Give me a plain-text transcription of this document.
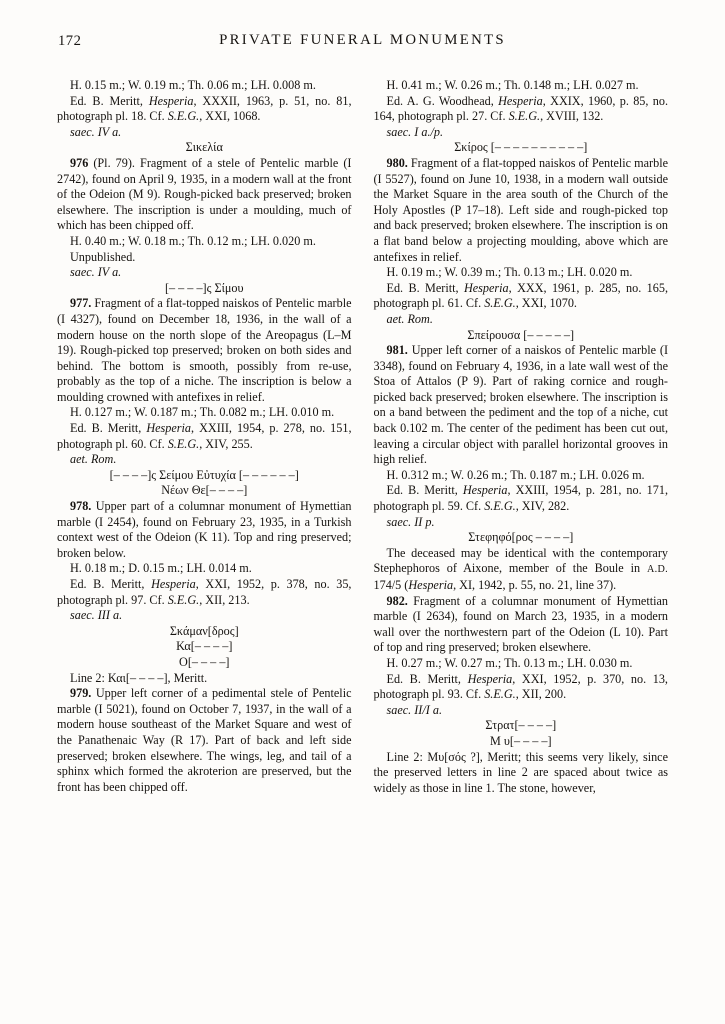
172	PRIVATE FUNERAL MONUMENTS

H. 0.15 m.; W. 0.19 m.; Th. 0.06 m.; LH. 0.008 m.

Ed. B. Meritt, Hesperia, XXXII, 1963, p. 51, no. 81, photograph pl. 18. Cf. S.E.G., XXI, 1068.

saec. IV a.

Σικελία

976 (Pl. 79). Fragment of a stele of Pentelic marble (I 2742), found on April 9, 1935, in a modern wall at the front of the Odeion (M 9). Rough-picked back preserved; broken elsewhere. The inscription is under a moulding, much of which has been chipped off.

H. 0.40 m.; W. 0.18 m.; Th. 0.12 m.; LH. 0.020 m.

Unpublished.

saec. IV a.

[– – – –]ς Σίμου

977. Fragment of a flat-topped naiskos of Pentelic marble (I 4327), found on December 18, 1936, in the wall of a modern house on the north slope of the Areopagus (L–M 19). Rough-picked top preserved; broken on both sides and behind. The bottom is smooth, possibly from re-use, probably as the top of a niche. The inscription is below a moulding crowned with antefixes in relief.

H. 0.127 m.; W. 0.187 m.; Th. 0.082 m.; LH. 0.010 m.

Ed. B. Meritt, Hesperia, XXIII, 1954, p. 278, no. 151, photograph pl. 60. Cf. S.E.G., XIV, 255.

aet. Rom.

[– – – –]ς Σείμου Εὐτυχία [– – – – – –]

Νέων Θε[– – – –]

978. Upper part of a columnar monument of Hymettian marble (I 2454), found on February 23, 1935, in a Turkish context west of the Odeion (K 11). Top and ring preserved; broken below.

H. 0.18 m.; D. 0.15 m.; LH. 0.014 m.

Ed. B. Meritt, Hesperia, XXI, 1952, p. 378, no. 35, photograph pl. 97. Cf. S.E.G., XII, 213.

saec. III a.

Σκάμαν[δρος]

Κα[– – – –]

Ο[– – – –]

Line 2: Και[– – – –], Meritt.

979. Upper left corner of a pedimental stele of Pentelic marble (I 5021), found on October 7, 1937, in the wall of a modern house southeast of the Market Square and west of the Panathenaic Way (R 17). Part of back and left side preserved; broken elsewhere. The wings, leg, and tail of a sphinx which formed the akroterion are preserved, but the front has been chipped off.

H. 0.41 m.; W. 0.26 m.; Th. 0.148 m.; LH. 0.027 m.

Ed. A. G. Woodhead, Hesperia, XXIX, 1960, p. 85, no. 164, photograph pl. 27. Cf. S.E.G., XVIII, 132.

saec. I a./p.

Σκίρος [– – – – – – – – – –]

980. Fragment of a flat-topped naiskos of Pentelic marble (I 5527), found on June 10, 1938, in a modern wall outside the Market Square in the area south of the Church of the Holy Apostles (P 17–18). Left side and rough-picked top and back preserved; broken elsewhere. The inscription is on a flat band below a projecting moulding, above which are antefixes in relief.

H. 0.19 m.; W. 0.39 m.; Th. 0.13 m.; LH. 0.020 m.

Ed. B. Meritt, Hesperia, XXX, 1961, p. 285, no. 165, photograph pl. 61. Cf. S.E.G., XXI, 1070.

aet. Rom.

Σπείρουσα [– – – – –]

981. Upper left corner of a naiskos of Pentelic marble (I 3348), found on February 4, 1936, in a late wall west of the Stoa of Attalos (P 9). Part of raking cornice and rough-picked back preserved; broken elsewhere. The inscription is on a band between the pediment and the top of a niche, cut back 0.102 m. The center of the pediment has been cut out, leaving a circular object with parallel horizontal grooves in high relief.

H. 0.312 m.; W. 0.26 m.; Th. 0.187 m.; LH. 0.026 m.

Ed. B. Meritt, Hesperia, XXIII, 1954, p. 281, no. 171, photograph pl. 59. Cf. S.E.G., XIV, 282.

saec. II p.

Στεφηφό[ρος – – – –]

The deceased may be identical with the contemporary Stephephoros of Aixone, member of the Boule in A.D. 174/5 (Hesperia, XI, 1942, p. 55, no. 21, line 37).

982. Fragment of a columnar monument of Hymettian marble (I 2634), found on March 23, 1935, in a modern wall over the northwestern part of the Odeion (L 10). Part of top and ring preserved; broken elsewhere.

H. 0.27 m.; W. 0.27 m.; Th. 0.13 m.; LH. 0.030 m.

Ed. B. Meritt, Hesperia, XXI, 1952, p. 370, no. 13, photograph pl. 93. Cf. S.E.G., XII, 200.

saec. II/I a.

Στρατ[– – – –]

Μ υ[– – – –]

Line 2: Μυ[σός ?], Meritt; this seems very likely, since the preserved letters in line 2 are spaced about twice as widely as those in line 1. The stone, however,
